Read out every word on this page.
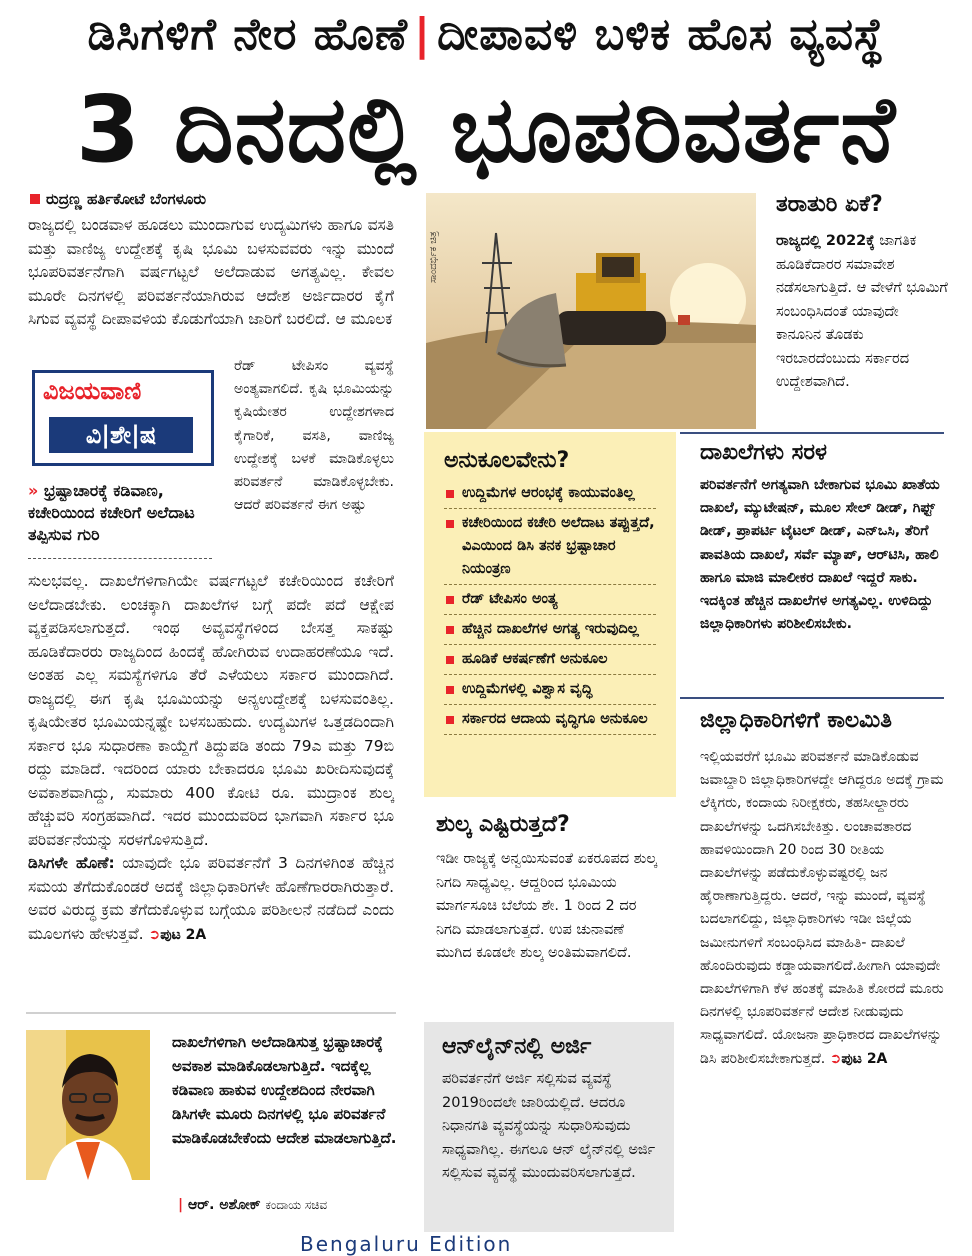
ಡಿಸಿಗಳಿಗೆ ನೇರ ಹೊಣೆ | ದೀಪಾವಳಿ ಬಳಿಕ ಹೊಸ ವ್ಯವಸ್ಥೆ
3 ದಿನದಲ್ಲಿ ಭೂಪರಿವರ್ತನೆ
ರುದ್ರಣ್ಣ ಹರ್ತಿಕೋಟೆ ಬೆಂಗಳೂರು

ರಾಜ್ಯದಲ್ಲಿ ಬಂಡವಾಳ ಹೂಡಲು ಮುಂದಾಗುವ ಉದ್ಯಮಿಗಳು ಹಾಗೂ ವಸತಿ ಮತ್ತು ವಾಣಿಜ್ಯ ಉದ್ದೇಶಕ್ಕೆ ಕೃಷಿ ಭೂಮಿ ಬಳಸುವವರು ಇನ್ನು ಮುಂದೆ ಭೂಪರಿವರ್ತನೆಗಾಗಿ ವರ್ಷಗಟ್ಟಲೆ ಅಲೆದಾಡುವ ಅಗತ್ಯವಿಲ್ಲ. ಕೇವಲ ಮೂರೇ ದಿನಗಳಲ್ಲಿ ಪರಿವರ್ತನೆಯಾಗಿರುವ ಆದೇಶ ಅರ್ಜಿದಾರರ ಕೈಗೆ ಸಿಗುವ ವ್ಯವಸ್ಥೆ ದೀಪಾವಳಿಯ ಕೊಡುಗೆಯಾಗಿ ಜಾರಿಗೆ ಬರಲಿದೆ. ಆ ಮೂಲಕ

ವಿಜಯವಾಣಿ
ವಿ|ಶೇ|ಷ

ರೆಡ್ ಟೇಪಿಸಂ ವ್ಯವಸ್ಥೆ ಅಂತ್ಯವಾಗಲಿದೆ. ಕೃಷಿ ಭೂಮಿಯನ್ನು ಕೃಷಿಯೇತರ ಉದ್ದೇಶಗಳಾದ ಕೈಗಾರಿಕೆ, ವಸತಿ, ವಾಣಿಜ್ಯ ಉದ್ದೇಶಕ್ಕೆ ಬಳಕೆ ಮಾಡಿಕೊಳ್ಳಲು ಪರಿವರ್ತನೆ ಮಾಡಿಕೊಳ್ಳಬೇಕು. ಆದರೆ ಪರಿವರ್ತನೆ ಈಗ ಅಷ್ಟು

» ಭ್ರಷ್ಟಾಚಾರಕ್ಕೆ ಕಡಿವಾಣ, ಕಚೇರಿಯಿಂದ ಕಚೇರಿಗೆ ಅಲೆದಾಟ ತಪ್ಪಿಸುವ ಗುರಿ

ಸುಲಭವಲ್ಲ. ದಾಖಲೆಗಳಿಗಾಗಿಯೇ ವರ್ಷಗಟ್ಟಲೆ ಕಚೇರಿಯಿಂದ ಕಚೇರಿಗೆ ಅಲೆದಾಡಬೇಕು. ಲಂಚಕ್ಕಾಗಿ ದಾಖಲೆಗಳ ಬಗ್ಗೆ ಪದೇ ಪದೆ ಆಕ್ಷೇಪ ವ್ಯಕ್ತಪಡಿಸಲಾಗುತ್ತದೆ. ಇಂಥ ಅವ್ಯವಸ್ಥೆಗಳಿಂದ ಬೇಸತ್ತ ಸಾಕಷ್ಟು ಹೂಡಿಕೆದಾರರು ರಾಜ್ಯದಿಂದ ಹಿಂದಕ್ಕೆ ಹೋಗಿರುವ ಉದಾಹರಣೆಯೂ ಇದೆ. ಅಂತಹ ಎಲ್ಲ ಸಮಸ್ಯೆಗಳಿಗೂ ತೆರೆ ಎಳೆಯಲು ಸರ್ಕಾರ ಮುಂದಾಗಿದೆ. ರಾಜ್ಯದಲ್ಲಿ ಈಗ ಕೃಷಿ ಭೂಮಿಯನ್ನು ಅನ್ಯಉದ್ದೇಶಕ್ಕೆ ಬಳಸುವಂತಿಲ್ಲ. ಕೃಷಿಯೇತರ ಭೂಮಿಯನ್ನಷ್ಟೇ ಬಳಸಬಹುದು. ಉದ್ಯಮಿಗಳ ಒತ್ತಡದಿಂದಾಗಿ ಸರ್ಕಾರ ಭೂ ಸುಧಾರಣಾ ಕಾಯ್ದೆಗೆ ತಿದ್ದುಪಡಿ ತಂದು 79ಎ ಮತ್ತು 79ಬಿ ರದ್ದು ಮಾಡಿದೆ. ಇದರಿಂದ ಯಾರು ಬೇಕಾದರೂ ಭೂಮಿ ಖರೀದಿಸುವುದಕ್ಕೆ ಅವಕಾಶವಾಗಿದ್ದು, ಸುಮಾರು 400 ಕೋಟಿ ರೂ. ಮುದ್ರಾಂಕ ಶುಲ್ಕ ಹೆಚ್ಚುವರಿ ಸಂಗ್ರಹವಾಗಿದೆ. ಇದರ ಮುಂದುವರಿದ ಭಾಗವಾಗಿ ಸರ್ಕಾರ ಭೂ ಪರಿವರ್ತನೆಯನ್ನು ಸರಳಗೊಳಿಸುತ್ತಿದೆ.

ಡಿಸಿಗಳೇ ಹೊಣೆ: ಯಾವುದೇ ಭೂ ಪರಿವರ್ತನೆಗೆ 3 ದಿನಗಳಿಗಿಂತ ಹೆಚ್ಚಿನ ಸಮಯ ತೆಗೆದುಕೊಂಡರೆ ಅದಕ್ಕೆ ಜಿಲ್ಲಾಧಿಕಾರಿಗಳೇ ಹೊಣೆಗಾರರಾಗಿರುತ್ತಾರೆ. ಅವರ ವಿರುದ್ಧ ಕ್ರಮ ತೆಗೆದುಕೊಳ್ಳುವ ಬಗ್ಗೆಯೂ ಪರಿಶೀಲನೆ ನಡೆದಿದೆ ಎಂದು ಮೂಲಗಳು ಹೇಳುತ್ತವೆ. ➲ಪುಟ 2A

ದಾಖಲೆಗಳಿಗಾಗಿ ಅಲೆದಾಡಿಸುತ್ತ ಭ್ರಷ್ಟಾಚಾರಕ್ಕೆ ಅವಕಾಶ ಮಾಡಿಕೊಡಲಾಗುತ್ತಿದೆ. ಇದಕ್ಕೆಲ್ಲ ಕಡಿವಾಣ ಹಾಕುವ ಉದ್ದೇಶದಿಂದ ನೇರವಾಗಿ ಡಿಸಿಗಳೇ ಮೂರು ದಿನಗಳಲ್ಲಿ ಭೂ ಪರಿವರ್ತನೆ ಮಾಡಿಕೊಡಬೇಕೆಂದು ಆದೇಶ ಮಾಡಲಾಗುತ್ತಿದೆ.
| ಆರ್. ಅಶೋಕ್ ಕಂದಾಯ ಸಚಿವ
ಸಾಂದರ್ಭಿಕ ಚಿತ್ರ
ತರಾತುರಿ ಏಕೆ?
ರಾಜ್ಯದಲ್ಲಿ 2022ಕ್ಕೆ ಜಾಗತಿಕ ಹೂಡಿಕೆದಾರರ ಸಮಾವೇಶ ನಡೆಸಲಾಗುತ್ತಿದೆ. ಆ ವೇಳೆಗೆ ಭೂಮಿಗೆ ಸಂಬಂಧಿಸಿದಂತೆ ಯಾವುದೇ ಕಾನೂನಿನ ತೊಡಕು ಇರಬಾರದೆಂಬುದು ಸರ್ಕಾರದ ಉದ್ದೇಶವಾಗಿದೆ.
ಅನುಕೂಲವೇನು?
ಉದ್ದಿಮೆಗಳ ಆರಂಭಕ್ಕೆ ಕಾಯುವಂತಿಲ್ಲ
ಕಚೇರಿಯಿಂದ ಕಚೇರಿ ಅಲೆದಾಟ ತಪ್ಪುತ್ತದೆ, ವಿಎಯಿಂದ ಡಿಸಿ ತನಕ ಭ್ರಷ್ಟಾಚಾರ ನಿಯಂತ್ರಣ
ರೆಡ್ ಟೇಪಿಸಂ ಅಂತ್ಯ
ಹೆಚ್ಚಿನ ದಾಖಲೆಗಳ ಅಗತ್ಯ ಇರುವುದಿಲ್ಲ
ಹೂಡಿಕೆ ಆಕರ್ಷಣೆಗೆ ಅನುಕೂಲ
ಉದ್ದಿಮೆಗಳಲ್ಲಿ ವಿಶ್ವಾಸ ವೃದ್ಧಿ
ಸರ್ಕಾರದ ಆದಾಯ ವೃದ್ಧಿಗೂ ಅನುಕೂಲ
ಶುಲ್ಕ ಎಷ್ಟಿರುತ್ತದೆ?
ಇಡೀ ರಾಜ್ಯಕ್ಕೆ ಅನ್ವಯಿಸುವಂತೆ ಏಕರೂಪದ ಶುಲ್ಕ ನಿಗದಿ ಸಾಧ್ಯವಿಲ್ಲ. ಆದ್ದರಿಂದ ಭೂಮಿಯ ಮಾರ್ಗಸೂಚಿ ಬೆಲೆಯ ಶೇ. 1 ರಿಂದ 2 ದರ ನಿಗದಿ ಮಾಡಲಾಗುತ್ತದೆ. ಉಪ ಚುನಾವಣೆ ಮುಗಿದ ಕೂಡಲೇ ಶುಲ್ಕ ಅಂತಿಮವಾಗಲಿದೆ.
ಆನ್‌ಲೈನ್‌ನಲ್ಲಿ ಅರ್ಜಿ
ಪರಿವರ್ತನೆಗೆ ಅರ್ಜಿ ಸಲ್ಲಿಸುವ ವ್ಯವಸ್ಥೆ 2019ರಿಂದಲೇ ಜಾರಿಯಲ್ಲಿದೆ. ಆದರೂ ನಿಧಾನಗತಿ ವ್ಯವಸ್ಥೆಯನ್ನು ಸುಧಾರಿಸುವುದು ಸಾಧ್ಯವಾಗಿಲ್ಲ. ಈಗಲೂ ಆನ್ ಲೈನ್‌ನಲ್ಲಿ ಅರ್ಜಿ ಸಲ್ಲಿಸುವ ವ್ಯವಸ್ಥೆ ಮುಂದುವರಿಸಲಾಗುತ್ತದೆ.
ದಾಖಲೆಗಳು ಸರಳ
ಪರಿವರ್ತನೆಗೆ ಅಗತ್ಯವಾಗಿ ಬೇಕಾಗುವ ಭೂಮಿ ಖಾತೆಯ ದಾಖಲೆ, ಮ್ಯುಟೇಷನ್, ಮೂಲ ಸೇಲ್ ಡೀಡ್, ಗಿಫ್ಟ್ ಡೀಡ್, ಪ್ರಾಪರ್ಟಿ ಟೈಟಲ್ ಡೀಡ್, ಎನ್‌ಒಸಿ, ತೆರಿಗೆ ಪಾವತಿಯ ದಾಖಲೆ, ಸರ್ವೆ ಮ್ಯಾಪ್, ಆರ್‌ಟಿಸಿ, ಹಾಲಿ ಹಾಗೂ ಮಾಜಿ ಮಾಲೀಕರ ದಾಖಲೆ ಇದ್ದರೆ ಸಾಕು. ಇದಕ್ಕಿಂತ ಹೆಚ್ಚಿನ ದಾಖಲೆಗಳ ಅಗತ್ಯವಿಲ್ಲ. ಉಳಿದಿದ್ದು ಜಿಲ್ಲಾಧಿಕಾರಿಗಳು ಪರಿಶೀಲಿಸಬೇಕು.
ಜಿಲ್ಲಾಧಿಕಾರಿಗಳಿಗೆ ಕಾಲಮಿತಿ
ಇಲ್ಲಿಯವರೆಗೆ ಭೂಮಿ ಪರಿವರ್ತನೆ ಮಾಡಿಕೊಡುವ ಜವಾಬ್ದಾರಿ ಜಿಲ್ಲಾಧಿಕಾರಿಗಳದ್ದೇ ಆಗಿದ್ದರೂ ಅದಕ್ಕೆ ಗ್ರಾಮ ಲೆಕ್ಕಿಗರು, ಕಂದಾಯ ನಿರೀಕ್ಷಕರು, ತಹಸೀಲ್ದಾರರು ದಾಖಲೆಗಳನ್ನು ಒದಗಿಸಬೇಕಿತ್ತು. ಲಂಚಾವತಾರದ ಹಾವಳಿಯಿಂದಾಗಿ 20 ರಿಂದ 30 ರೀತಿಯ ದಾಖಲೆಗಳನ್ನು ಪಡೆದುಕೊಳ್ಳುವಷ್ಟರಲ್ಲಿ ಜನ ಹೈರಾಣಾಗುತ್ತಿದ್ದರು. ಆದರೆ, ಇನ್ನು ಮುಂದೆ, ವ್ಯವಸ್ಥೆ ಬದಲಾಗಲಿದ್ದು, ಜಿಲ್ಲಾಧಿಕಾರಿಗಳು ಇಡೀ ಜಿಲ್ಲೆಯ ಜಮೀನುಗಳಿಗೆ ಸಂಬಂಧಿಸಿದ ಮಾಹಿತಿ- ದಾಖಲೆ ಹೊಂದಿರುವುದು ಕಡ್ಡಾಯವಾಗಲಿದೆ.ಹೀಗಾಗಿ ಯಾವುದೇ ದಾಖಲೆಗಳಿಗಾಗಿ ಕೆಳ ಹಂತಕ್ಕೆ ಮಾಹಿತಿ ಕೋರದೆ ಮೂರು ದಿನಗಳಲ್ಲಿ ಭೂಪರಿವರ್ತನೆ ಆದೇಶ ನೀಡುವುದು ಸಾಧ್ಯವಾಗಲಿದೆ. ಯೋಜನಾ ಪ್ರಾಧಿಕಾರದ ದಾಖಲೆಗಳನ್ನು ಡಿಸಿ ಪರಿಶೀಲಿಸಬೇಕಾಗುತ್ತದೆ. ➲ಪುಟ 2A
Bengaluru Edition
